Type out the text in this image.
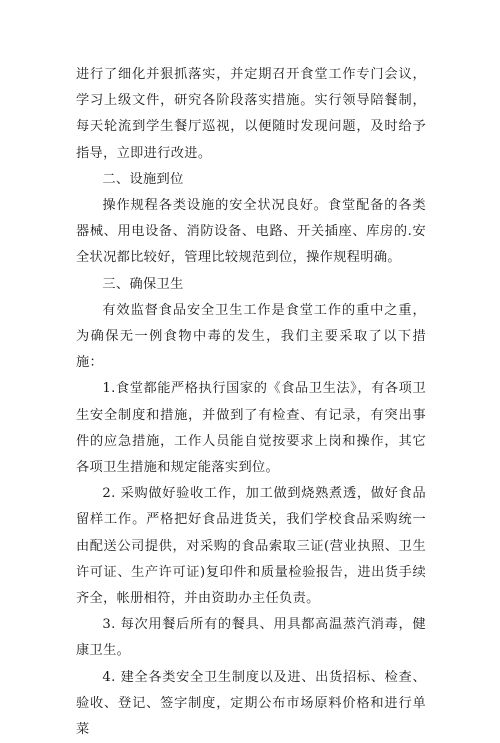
进行了细化并狠抓落实，并定期召开食堂工作专门会议，学习上级文件，研究各阶段落实措施。实行领导陪餐制，每天轮流到学生餐厅巡视，以便随时发现问题，及时给予指导，立即进行改进。

二、设施到位

操作规程各类设施的安全状况良好。食堂配备的各类器械、用电设备、消防设备、电路、开关插座、库房的.安全状况都比较好，管理比较规范到位，操作规程明确。

三、确保卫生

有效监督食品安全卫生工作是食堂工作的重中之重，为确保无一例食物中毒的发生，我们主要采取了以下措施：

1.食堂都能严格执行国家的《食品卫生法》，有各项卫生安全制度和措施，并做到了有检查、有记录，有突出事件的应急措施，工作人员能自觉按要求上岗和操作，其它各项卫生措施和规定能落实到位。

2. 采购做好验收工作，加工做到烧熟煮透，做好食品留样工作。严格把好食品进货关，我们学校食品采购统一由配送公司提供，对采购的食品索取三证(营业执照、卫生许可证、生产许可证)复印件和质量检验报告，进出货手续齐全，帐册相符，并由资助办主任负责。

3. 每次用餐后所有的餐具、用具都高温蒸汽消毒，健康卫生。

4. 建全各类安全卫生制度以及进、出货招标、检查、验收、登记、签字制度，定期公布市场原料价格和进行单菜
